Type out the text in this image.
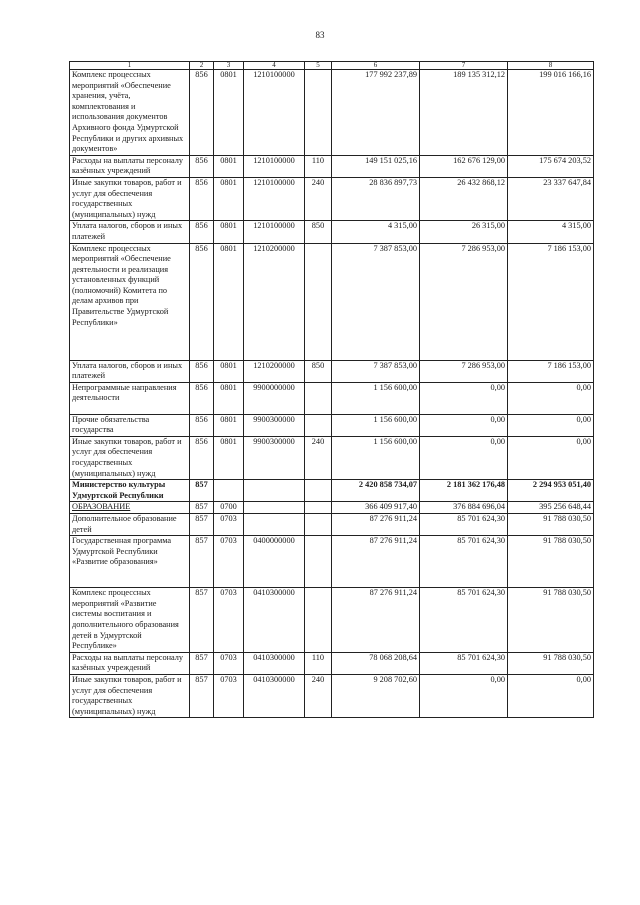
83
1	2	3	4	5	6	7	8
Комплекс процессных мероприятий «Обеспечение хранения, учёта, комплектования и использования документов Архивного фонда Удмуртской Республики и других архивных документов»	856	0801	1210100000		177 992 237,89	189 135 312,12	199 016 166,16
Расходы на выплаты персоналу казённых учреждений	856	0801	1210100000	110	149 151 025,16	162 676 129,00	175 674 203,52
Иные закупки товаров, работ и услуг для обеспечения государственных (муниципальных) нужд	856	0801	1210100000	240	28 836 897,73	26 432 868,12	23 337 647,84
Уплата налогов, сборов и иных платежей	856	0801	1210100000	850	4 315,00	26 315,00	4 315,00
Комплекс процессных мероприятий «Обеспечение деятельности и реализация установленных функций (полномочий) Комитета по делам архивов при Правительстве Удмуртской Республики»	856	0801	1210200000		7 387 853,00	7 286 953,00	7 186 153,00
Уплата налогов, сборов и иных платежей	856	0801	1210200000	850	7 387 853,00	7 286 953,00	7 186 153,00
Непрограммные направления деятельности	856	0801	9900000000		1 156 600,00	0,00	0,00
Прочие обязательства государства	856	0801	9900300000		1 156 600,00	0,00	0,00
Иные закупки товаров, работ и услуг для обеспечения государственных (муниципальных) нужд	856	0801	9900300000	240	1 156 600,00	0,00	0,00
Министерство культуры Удмуртской Республики	857				2 420 858 734,07	2 181 362 176,48	2 294 953 051,40
ОБРАЗОВАНИЕ	857	0700			366 409 917,40	376 884 696,04	395 256 648,44
Дополнительное образование детей	857	0703			87 276 911,24	85 701 624,30	91 788 030,50
Государственная программа Удмуртской Республики «Развитие образования»	857	0703	0400000000		87 276 911,24	85 701 624,30	91 788 030,50
Комплекс процессных мероприятий «Развитие системы воспитания и дополнительного образования детей в Удмуртской Республике»	857	0703	0410300000		87 276 911,24	85 701 624,30	91 788 030,50
Расходы на выплаты персоналу казённых учреждений	857	0703	0410300000	110	78 068 208,64	85 701 624,30	91 788 030,50
Иные закупки товаров, работ и услуг для обеспечения государственных (муниципальных) нужд	857	0703	0410300000	240	9 208 702,60	0,00	0,00
